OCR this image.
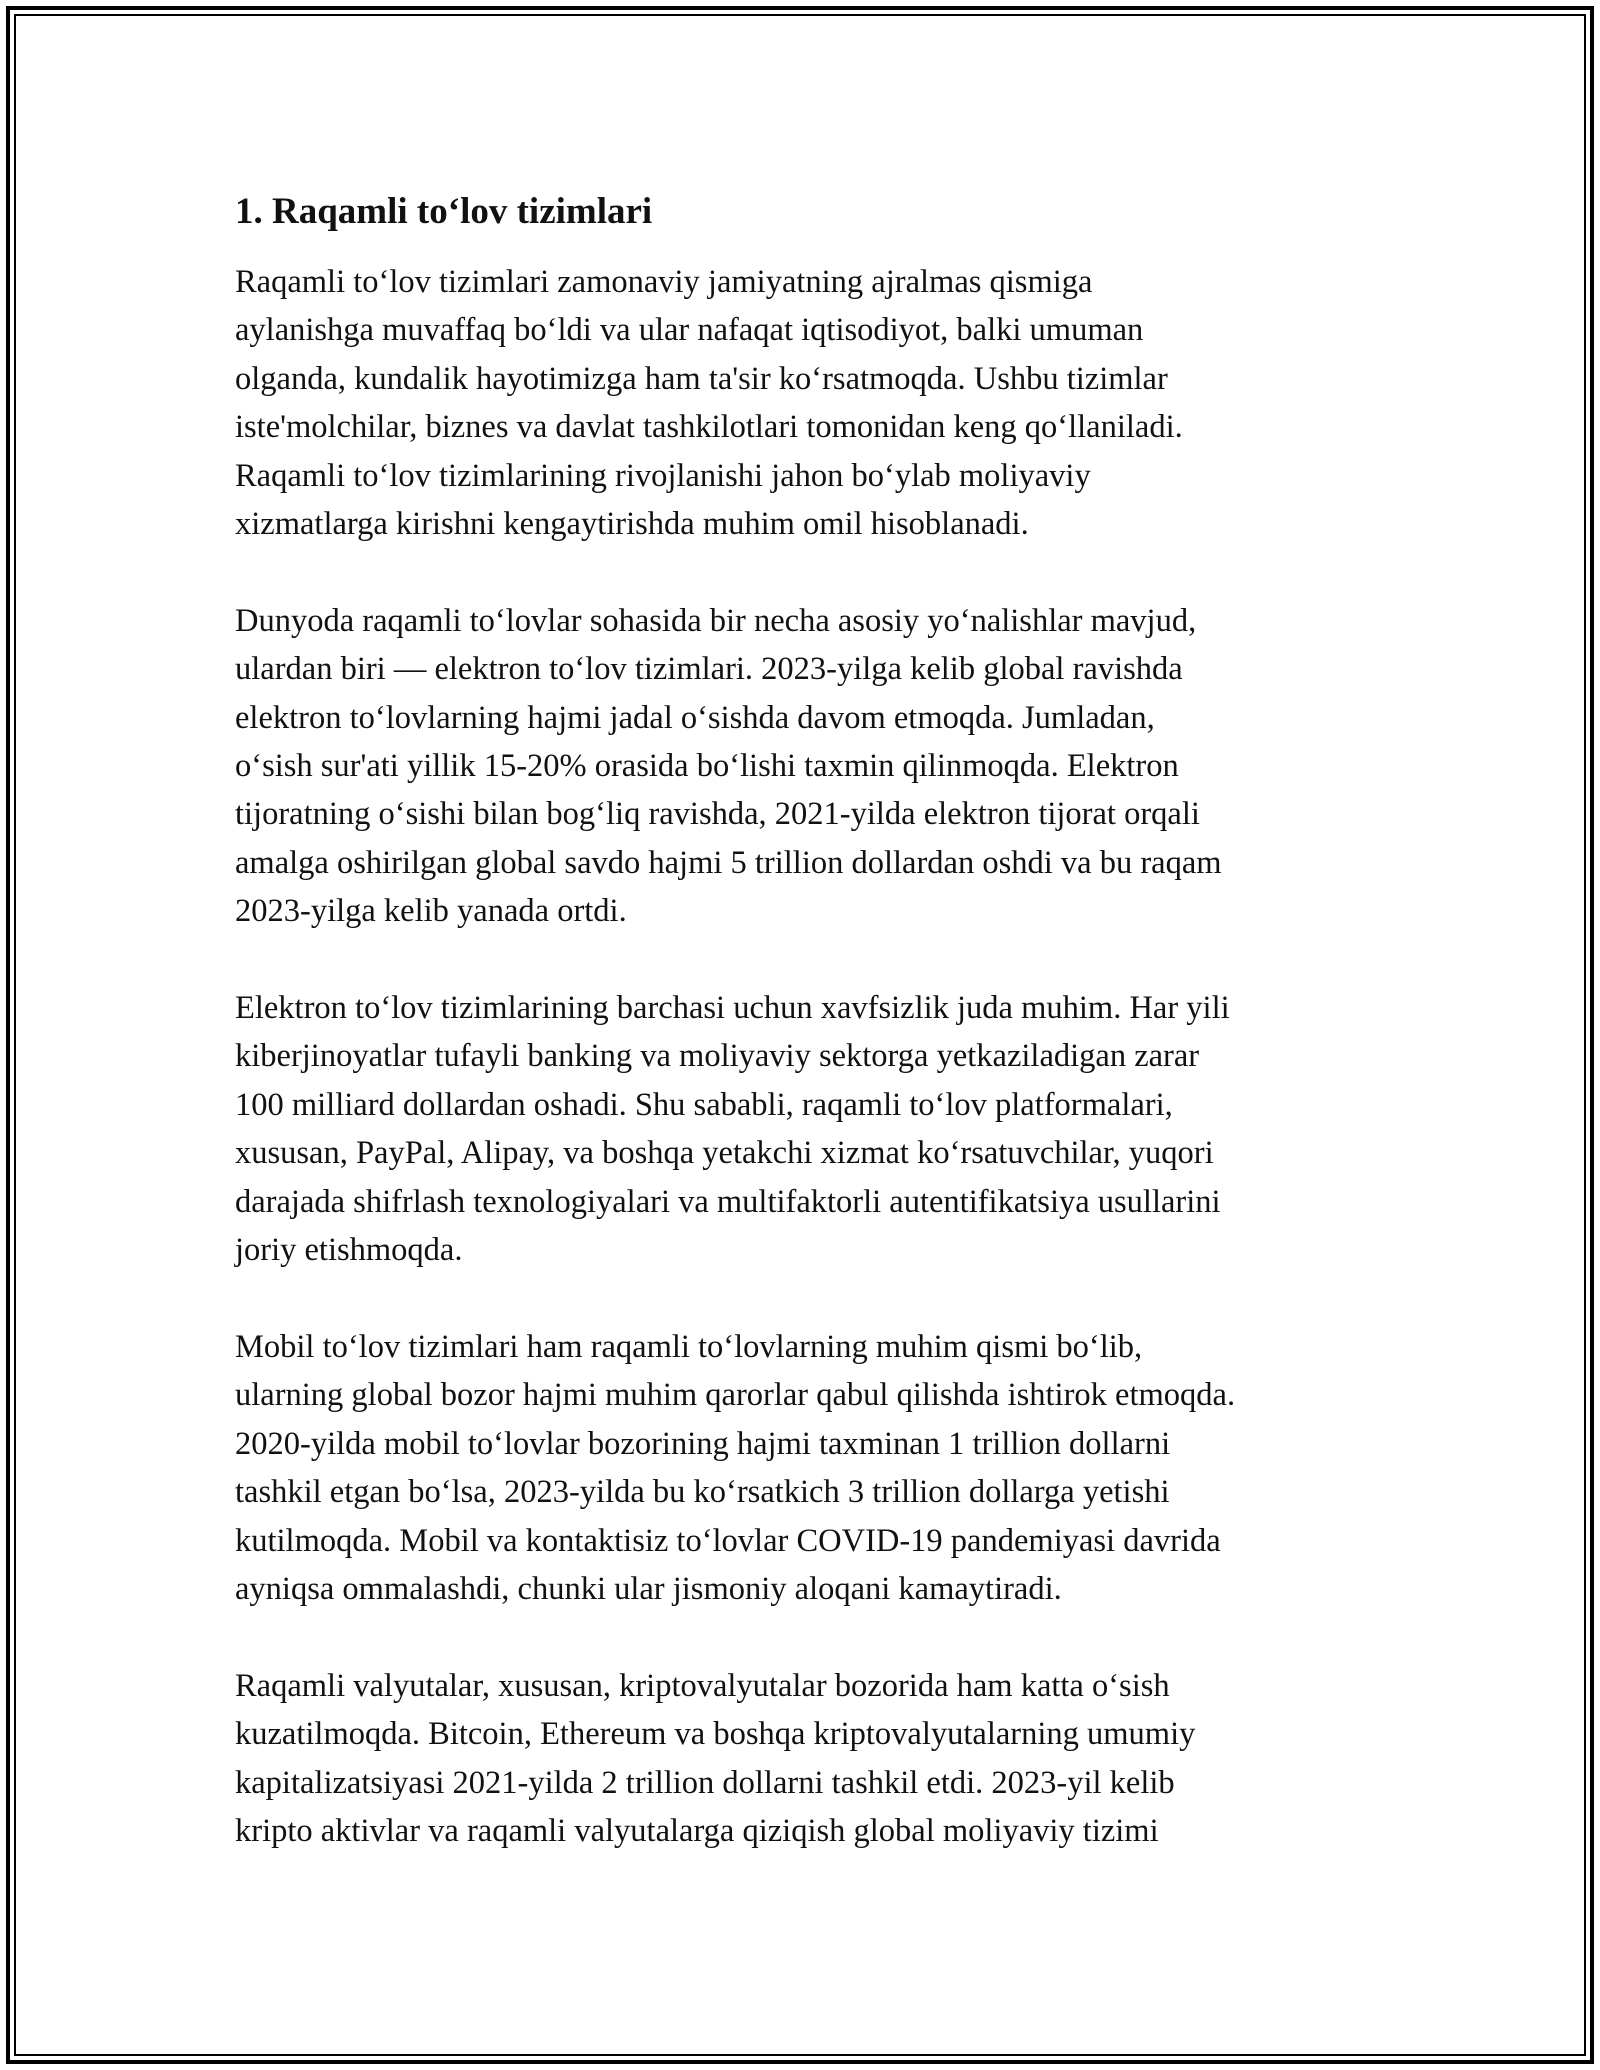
1. Raqamli to‘lov tizimlari
Raqamli to‘lov tizimlari zamonaviy jamiyatning ajralmas qismiga
aylanishga muvaffaq bo‘ldi va ular nafaqat iqtisodiyot, balki umuman
olganda, kundalik hayotimizga ham ta'sir ko‘rsatmoqda. Ushbu tizimlar
iste'molchilar, biznes va davlat tashkilotlari tomonidan keng qo‘llaniladi.
Raqamli to‘lov tizimlarining rivojlanishi jahon bo‘ylab moliyaviy
xizmatlarga kirishni kengaytirishda muhim omil hisoblanadi.
Dunyoda raqamli to‘lovlar sohasida bir necha asosiy yo‘nalishlar mavjud,
ulardan biri — elektron to‘lov tizimlari. 2023-yilga kelib global ravishda
elektron to‘lovlarning hajmi jadal o‘sishda davom etmoqda. Jumladan,
o‘sish sur'ati yillik 15-20% orasida bo‘lishi taxmin qilinmoqda. Elektron
tijoratning o‘sishi bilan bog‘liq ravishda, 2021-yilda elektron tijorat orqali
amalga oshirilgan global savdo hajmi 5 trillion dollardan oshdi va bu raqam
2023-yilga kelib yanada ortdi.
Elektron to‘lov tizimlarining barchasi uchun xavfsizlik juda muhim. Har yili
kiberjinoyatlar tufayli banking va moliyaviy sektorga yetkaziladigan zarar
100 milliard dollardan oshadi. Shu sababli, raqamli to‘lov platformalari,
xususan, PayPal, Alipay, va boshqa yetakchi xizmat ko‘rsatuvchilar, yuqori
darajada shifrlash texnologiyalari va multifaktorli autentifikatsiya usullarini
joriy etishmoqda.
Mobil to‘lov tizimlari ham raqamli to‘lovlarning muhim qismi bo‘lib,
ularning global bozor hajmi muhim qarorlar qabul qilishda ishtirok etmoqda.
2020-yilda mobil to‘lovlar bozorining hajmi taxminan 1 trillion dollarni
tashkil etgan bo‘lsa, 2023-yilda bu ko‘rsatkich 3 trillion dollarga yetishi
kutilmoqda. Mobil va kontaktisiz to‘lovlar COVID-19 pandemiyasi davrida
ayniqsa ommalashdi, chunki ular jismoniy aloqani kamaytiradi.
Raqamli valyutalar, xususan, kriptovalyutalar bozorida ham katta o‘sish
kuzatilmoqda. Bitcoin, Ethereum va boshqa kriptovalyutalarning umumiy
kapitalizatsiyasi 2021-yilda 2 trillion dollarni tashkil etdi. 2023-yil kelib
kripto aktivlar va raqamli valyutalarga qiziqish global moliyaviy tizimi
